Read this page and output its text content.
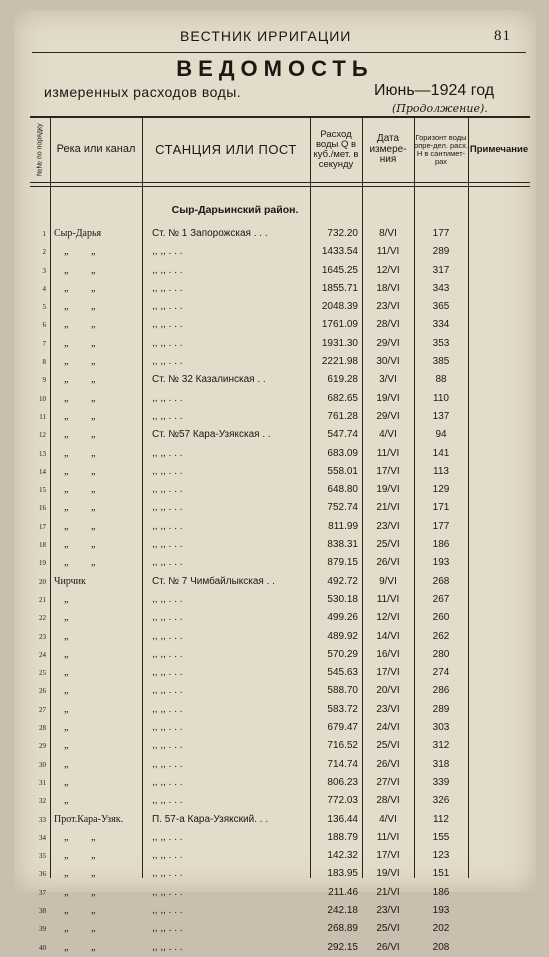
ВЕСТНИК ИРРИГАЦИИ	81
ВЕДОМОСТЬ
измеренных расходов воды.	Июнь—1924 год
(Продолжение).
№№ по порядку	Река или канал	СТАНЦИЯ ИЛИ ПОСТ
Расход воды Q в куб./мет. в секунду
Дата измере-ния
Горизонт воды опре-дел. расх. Н в сантимет-рах
Примечание
Сыр-Дарьинский район.
1 Сыр-Дарья	Ст. № 1 Запорожская . . .	732.20	8/VI	177
2 „ „	,, ,, . . .	1433.54	11/VI	289
3 „ „	,, ,, . . .	1645.25	12/VI	317
4 „ „	,, ,, . . .	1855.71	18/VI	343
5 „ „	,, ,, . . .	2048.39	23/VI	365
6 „ „	,, ,, . . .	1761.09	28/VI	334
7 „ „	,, ,, . . .	1931.30	29/VI	353
8 „ „	,, ,, . . .	2221.98	30/VI	385
9 „ „	Ст. № 32 Казалинская . .	619.28	3/VI	88
10 „ „	,, ,, . . .	682.65	19/VI	110
11 „ „	,, ,, . . .	761.28	29/VI	137
12 „ „	Ст. №57 Кара-Узякская . .	547.74	4/VI	94
13 „ „	,, ,, . . .	683.09	11/VI	141
14 „ „	,, ,, . . .	558.01	17/VI	113
15 „ „	,, ,, . . .	648.80	19/VI	129
16 „ „	,, ,, . . .	752.74	21/VI	171
17 „ „	,, ,, . . .	811.99	23/VI	177
18 „ „	,, ,, . . .	838.31	25/VI	186
19 „ „	,, ,, . . .	879.15	26/VI	193
20 Чирчик	Ст. № 7 Чимбайлыкская . .	492.72	9/VI	268
21 „	,, ,, . . .	530.18	11/VI	267
22 „	,, ,, . . .	499.26	12/VI	260
23 „	,, ,, . . .	489.92	14/VI	262
24 „	,, ,, . . .	570.29	16/VI	280
25 „	,, ,, . . .	545.63	17/VI	274
26 „	,, ,, . . .	588.70	20/VI	286
27 „	,, ,, . . .	583.72	23/VI	289
28 „	,, ,, . . .	679.47	24/VI	303
29 „	,, ,, . . .	716.52	25/VI	312
30 „	,, ,, . . .	714.74	26/VI	318
31 „	,, ,, . . .	806.23	27/VI	339
32 „	,, ,, . . .	772.03	28/VI	326
33 Прот.Кара-Узяк.	П. 57-а Кара-Узякский. . .	136.44	4/VI	112
34 „ „	,, ,, . . .	188.79	11/VI	155
35 „ „	,, ,, . . .	142.32	17/VI	123
36 „ „	,, ,, . . .	183.95	19/VI	151
37 „ „	,, ,, . . .	211.46	21/VI	186
38 „ „	,, ,, . . .	242.18	23/VI	193
39 „ „	,, ,, . . .	268.89	25/VI	202
40 „ „	,, ,, . . .	292.15	26/VI	208
